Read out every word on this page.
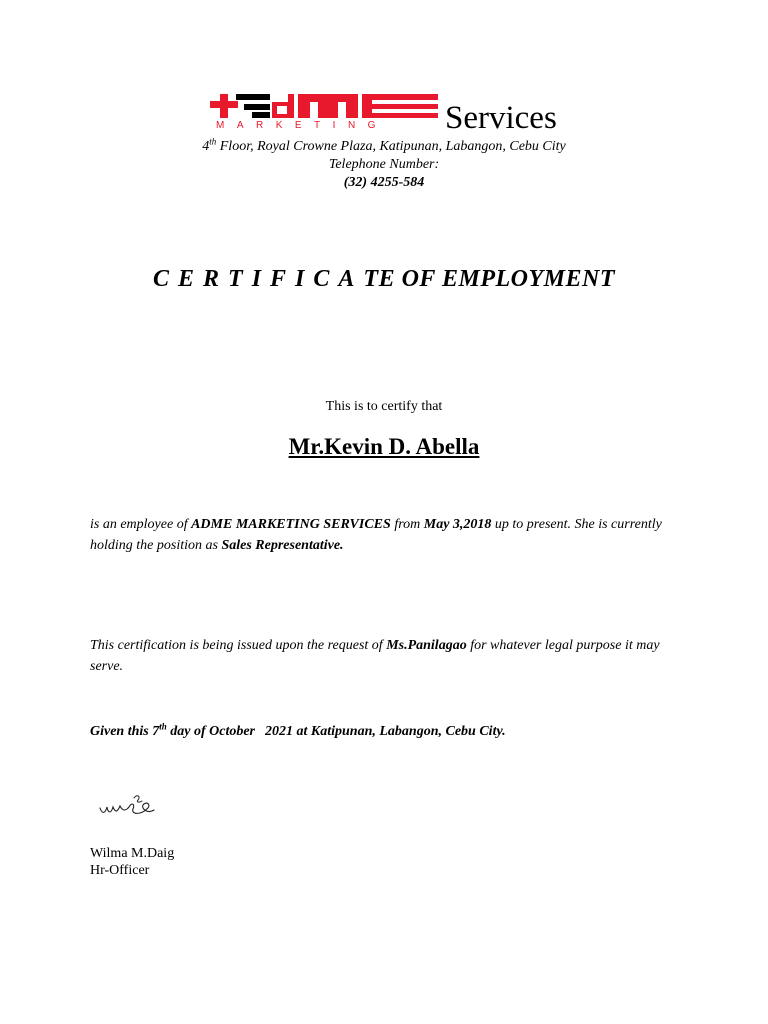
MARKETING	Services
4th Floor, Royal Crowne Plaza, Katipunan, Labangon, Cebu City
Telephone Number:
(32) 4255-584
CERTIFICATE OF EMPLOYMENT
This is to certify that
Mr.Kevin D. Abella
is an employee of ADME MARKETING SERVICES from May 3,2018 up to present. She is currently holding the position as Sales Representative.
This certification is being issued upon the request of Ms.Panilagao for whatever legal purpose it may serve.
Given this 7th day of October 2021 at Katipunan, Labangon, Cebu City.
Wilma M.Daig
Hr-Officer
